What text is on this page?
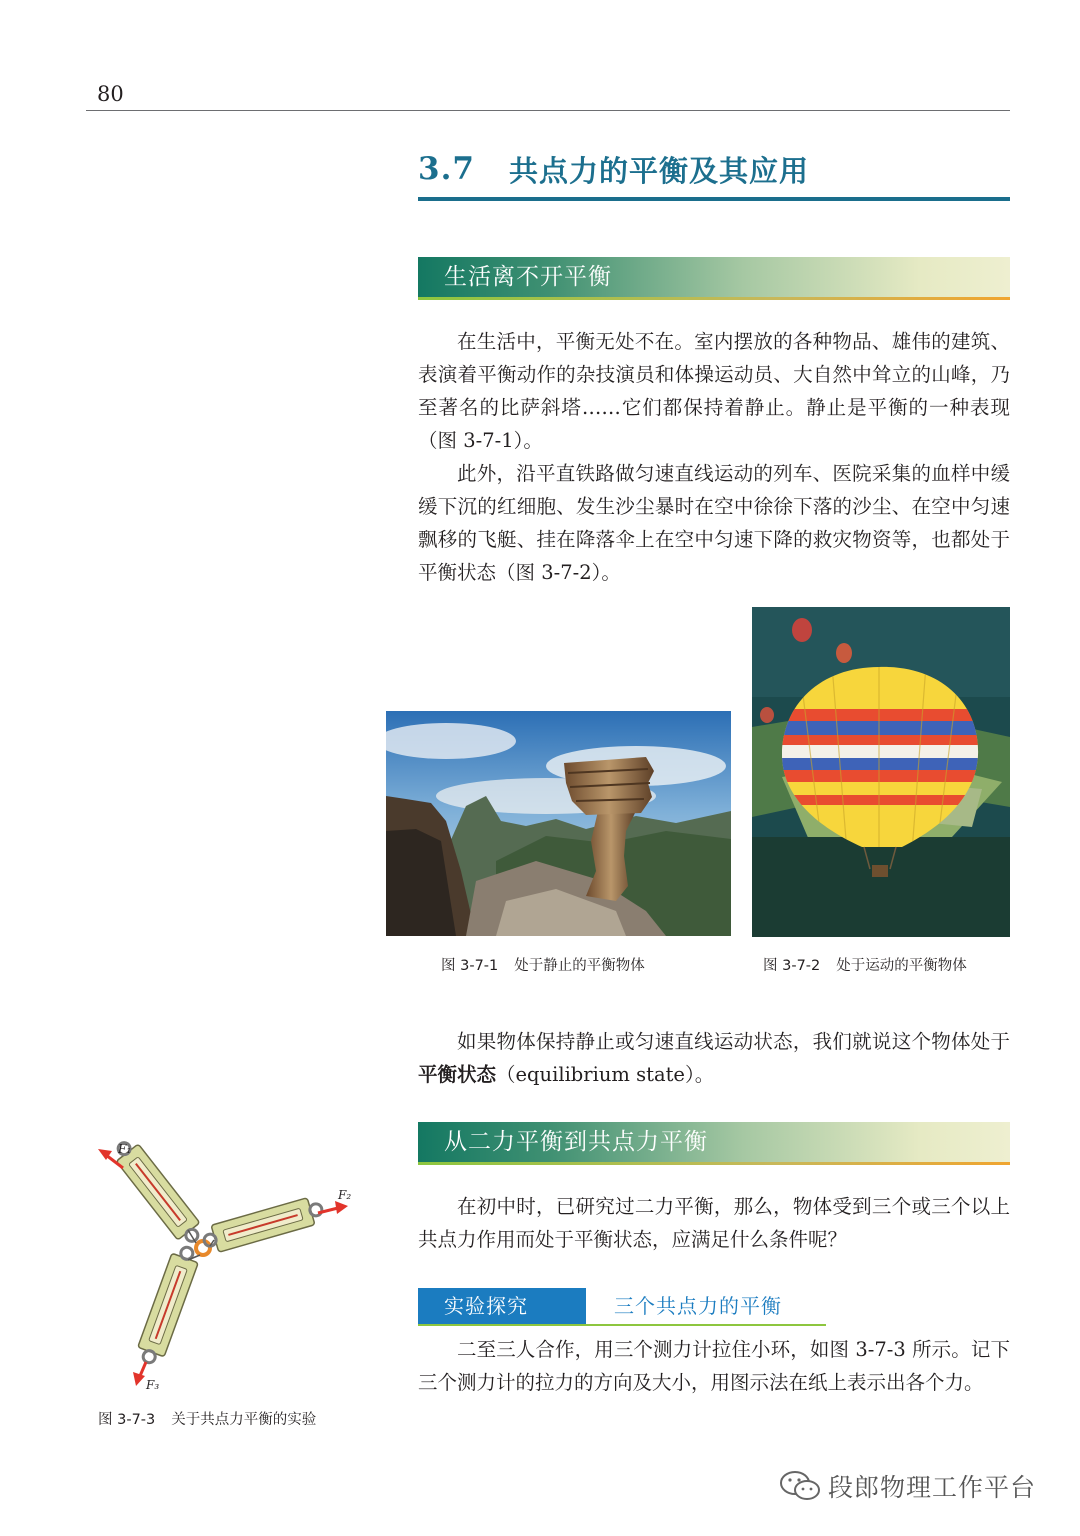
80
3.7 共点力的平衡及其应用
生活离不开平衡

在生活中，平衡无处不在。室内摆放的各种物品、雄伟的建筑、表演着平衡动作的杂技演员和体操运动员、大自然中耸立的山峰，乃至著名的比萨斜塔……它们都保持着静止。静止是平衡的一种表现（图 3-7-1）。

此外，沿平直铁路做匀速直线运动的列车、医院采集的血样中缓缓下沉的红细胞、发生沙尘暴时在空中徐徐下落的沙尘、在空中匀速飘移的飞艇、挂在降落伞上在空中匀速下降的救灾物资等，也都处于平衡状态（图 3-7-2）。

图 3-7-1 处于静止的平衡物体	图 3-7-2 处于运动的平衡物体

如果物体保持静止或匀速直线运动状态，我们就说这个物体处于平衡状态（equilibrium state）。

从二力平衡到共点力平衡

在初中时，已研究过二力平衡，那么，物体受到三个或三个以上共点力作用而处于平衡状态，应满足什么条件呢？

实验探究	三个共点力的平衡

二至三人合作，用三个测力计拉住小环，如图 3-7-3 所示。记下三个测力计的拉力的方向及大小，用图示法在纸上表示出各个力。

F₁
F₂
F₃
图 3-7-3 关于共点力平衡的实验
段郎物理工作平台
